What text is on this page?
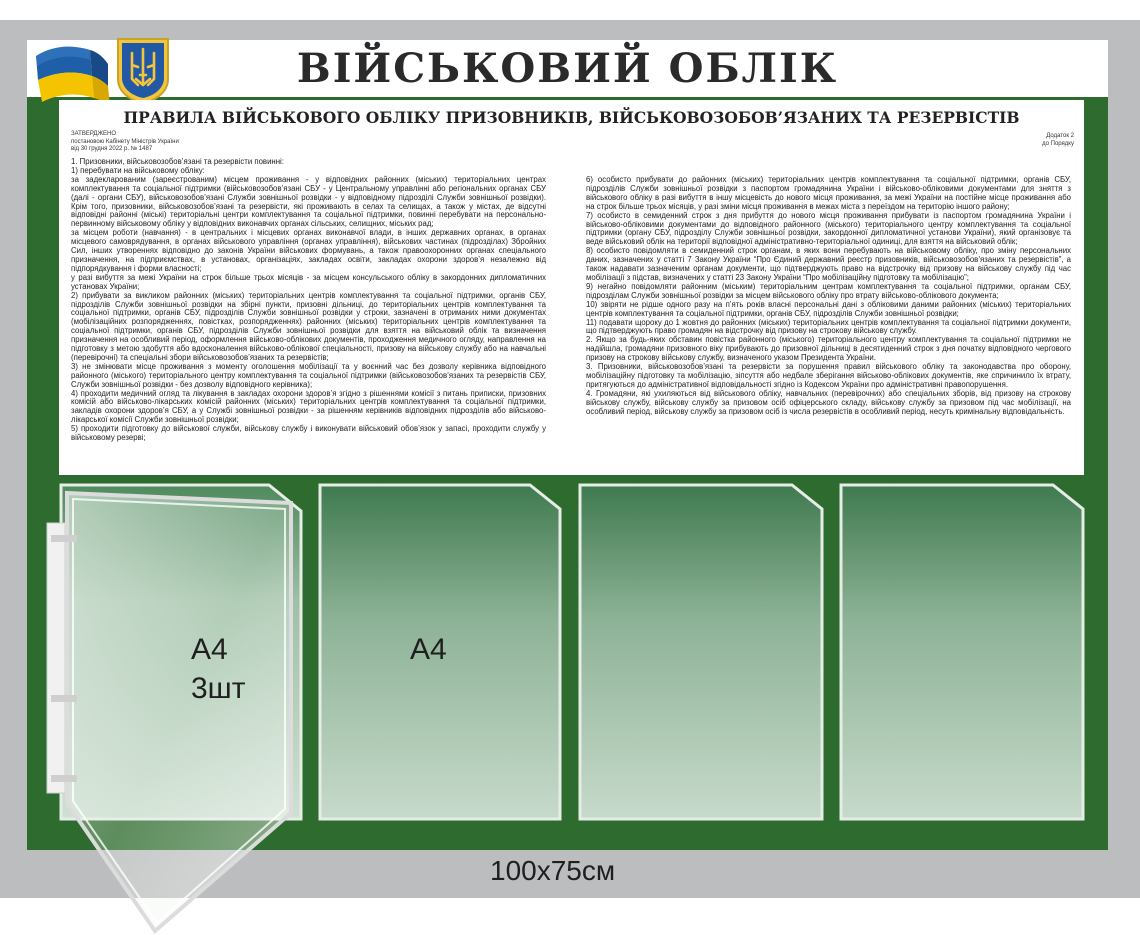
ВІЙСЬКОВИЙ ОБЛІК
ПРАВИЛА ВІЙСЬКОВОГО ОБЛІКУ ПРИЗОВНИКІВ, ВІЙСЬКОВОЗОБОВ’ЯЗАНИХ ТА РЕЗЕРВІСТІВ
ЗАТВЕРДЖЕНО
постановою Кабінету Міністрів України
від 30 грудня 2022 р. № 1487
Додаток 2
до Порядку
1. Призовники, військовозобов’язані та резервісти повинні:
1) перебувати на військовому обліку:
за задекларованим (зареєстрованим) місцем проживання - у відповідних районних (міських) територіальних центрах комплектування та соціальної підтримки (військовозобов’язані СБУ - у Центральному управлінні або регіональних органах СБУ (далі - органи СБУ), військовозобов’язані Служби зовнішньої розвідки - у відповідному підрозділі Служби зовнішньої розвідки). Крім того, призовники, військовозобов’язані та резервісти, які проживають в селах та селищах, а також у містах, де відсутні відповідні районні (міські) територіальні центри комплектування та соціальної підтримки, повинні перебувати на персонально-первинному військовому обліку у відповідних виконавчих органах сільських, селищних, міських рад;
за місцем роботи (навчання) - в центральних і місцевих органах виконавчої влади, в інших державних органах, в органах місцевого самоврядування, в органах військового управління (органах управління), військових частинах (підрозділах) Збройних Сил, інших утвореннях відповідно до законів України військових формувань, а також правоохоронних органах спеціального призначення, на підприємствах, в установах, організаціях, закладах освіти, закладах охорони здоров’я незалежно від підпорядкування і форми власності;
у разі вибуття за межі України на строк більше трьох місяців - за місцем консульського обліку в закордонних дипломатичних установах України;
2) прибувати за викликом районних (міських) територіальних центрів комплектування та соціальної підтримки, органів СБУ, підрозділів Служби зовнішньої розвідки на збірні пункти, призовні дільниці, до територіальних центрів комплектування та соціальної підтримки, органів СБУ, підрозділів Служби зовнішньої розвідки у строки, зазначені в отриманих ними документах (мобілізаційних розпорядженнях, повістках, розпорядженнях) районних (міських) територіальних центрів комплектування та соціальної підтримки, органів СБУ, підрозділів Служби зовнішньої розвідки для взяття на військовий облік та визначення призначення на особливий період, оформлення військово-облікових документів, проходження медичного огляду, направлення на підготовку з метою здобуття або вдосконалення військово-облікової спеціальності, призову на військову службу або на навчальні (перевірочні) та спеціальні збори військовозобов’язаних та резервістів;
3) не змінювати місце проживання з моменту оголошення мобілізації та у воєнний час без дозволу керівника відповідного районного (міського) територіального центру комплектування та соціальної підтримки (військовозобов’язаних та резервістів СБУ, Служби зовнішньої розвідки - без дозволу відповідного керівника);
4) проходити медичний огляд та лікування в закладах охорони здоров’я згідно з рішеннями комісії з питань приписки, призовних комісій або військово-лікарських комісій районних (міських) територіальних центрів комплектування та соціальної підтримки, закладів охорони здоров’я СБУ, а у Службі зовнішньої розвідки - за рішенням керівників відповідних підрозділів або військово-лікарської комісії Служби зовнішньої розвідки;
5) проходити підготовку до військової служби, військову службу і виконувати військовий обов’язок у запасі, проходити службу у військовому резерві;
6) особисто прибувати до районних (міських) територіальних центрів комплектування та соціальної підтримки, органів СБУ, підрозділів Служби зовнішньої розвідки з паспортом громадянина України і військово-обліковими документами для зняття з військового обліку в разі вибуття в іншу місцевість до нового місця проживання, за межі України на постійне місце проживання або на строк більше трьох місяців, у разі зміни місця проживання в межах міста з переїздом на територію іншого району;
7) особисто в семиденний строк з дня прибуття до нового місця проживання прибувати із паспортом громадянина України і військово-обліковими документами до відповідного районного (міського) територіального центру комплектування та соціальної підтримки (органу СБУ, підрозділу Служби зовнішньої розвідки, закордонної дипломатичної установи України), який організовує та веде військовий облік на території відповідної адміністративно-територіальної одиниці, для взяття на військовий облік;
8) особисто повідомляти в семиденний строк органам, в яких вони перебувають на військовому обліку, про зміну персональних даних, зазначених у статті 7 Закону України “Про Єдиний державний реєстр призовників, військовозобов’язаних та резервістів”, а також надавати зазначеним органам документи, що підтверджують право на відстрочку від призову на військову службу під час мобілізації з підстав, визначених у статті 23 Закону України “Про мобілізаційну підготовку та мобілізацію”;
9) негайно повідомляти районним (міським) територіальним центрам комплектування та соціальної підтримки, органам СБУ, підрозділам Служби зовнішньої розвідки за місцем військового обліку про втрату військово-облікового документа;
10) звіряти не рідше одного разу на п’ять років власні персональні дані з обліковими даними районних (міських) територіальних центрів комплектування та соціальної підтримки, органів СБУ, підрозділів Служби зовнішньої розвідки;
11) подавати щороку до 1 жовтня до районних (міських) територіальних центрів комплектування та соціальної підтримки документи, що підтверджують право громадян на відстрочку від призову на строкову військову службу.
2. Якщо за будь-яких обставин повістка районного (міського) територіального центру комплектування та соціальної підтримки не надійшла, громадяни призовного віку прибувають до призовної дільниці в десятиденний строк з дня початку відповідного чергового призову на строкову військову службу, визначеного указом Президента України.
3. Призовники, військовозобов’язані та резервісти за порушення правил військового обліку та законодавства про оборону, мобілізаційну підготовку та мобілізацію, зіпсуття або недбале зберігання військово-облікових документів, яке спричинило їх втрату, притягуються до адміністративної відповідальності згідно із Кодексом України про адміністративні правопорушення.
4. Громадяни, які ухиляються від військового обліку, навчальних (перевірочних) або спеціальних зборів, від призову на строкову військову службу, військову службу за призовом осіб офіцерського складу, військову службу за призовом під час мобілізації, на особливий період, військову службу за призовом осіб із числа резервістів в особливий період, несуть кримінальну відповідальність.
А4
3шт
А4
100х75см
